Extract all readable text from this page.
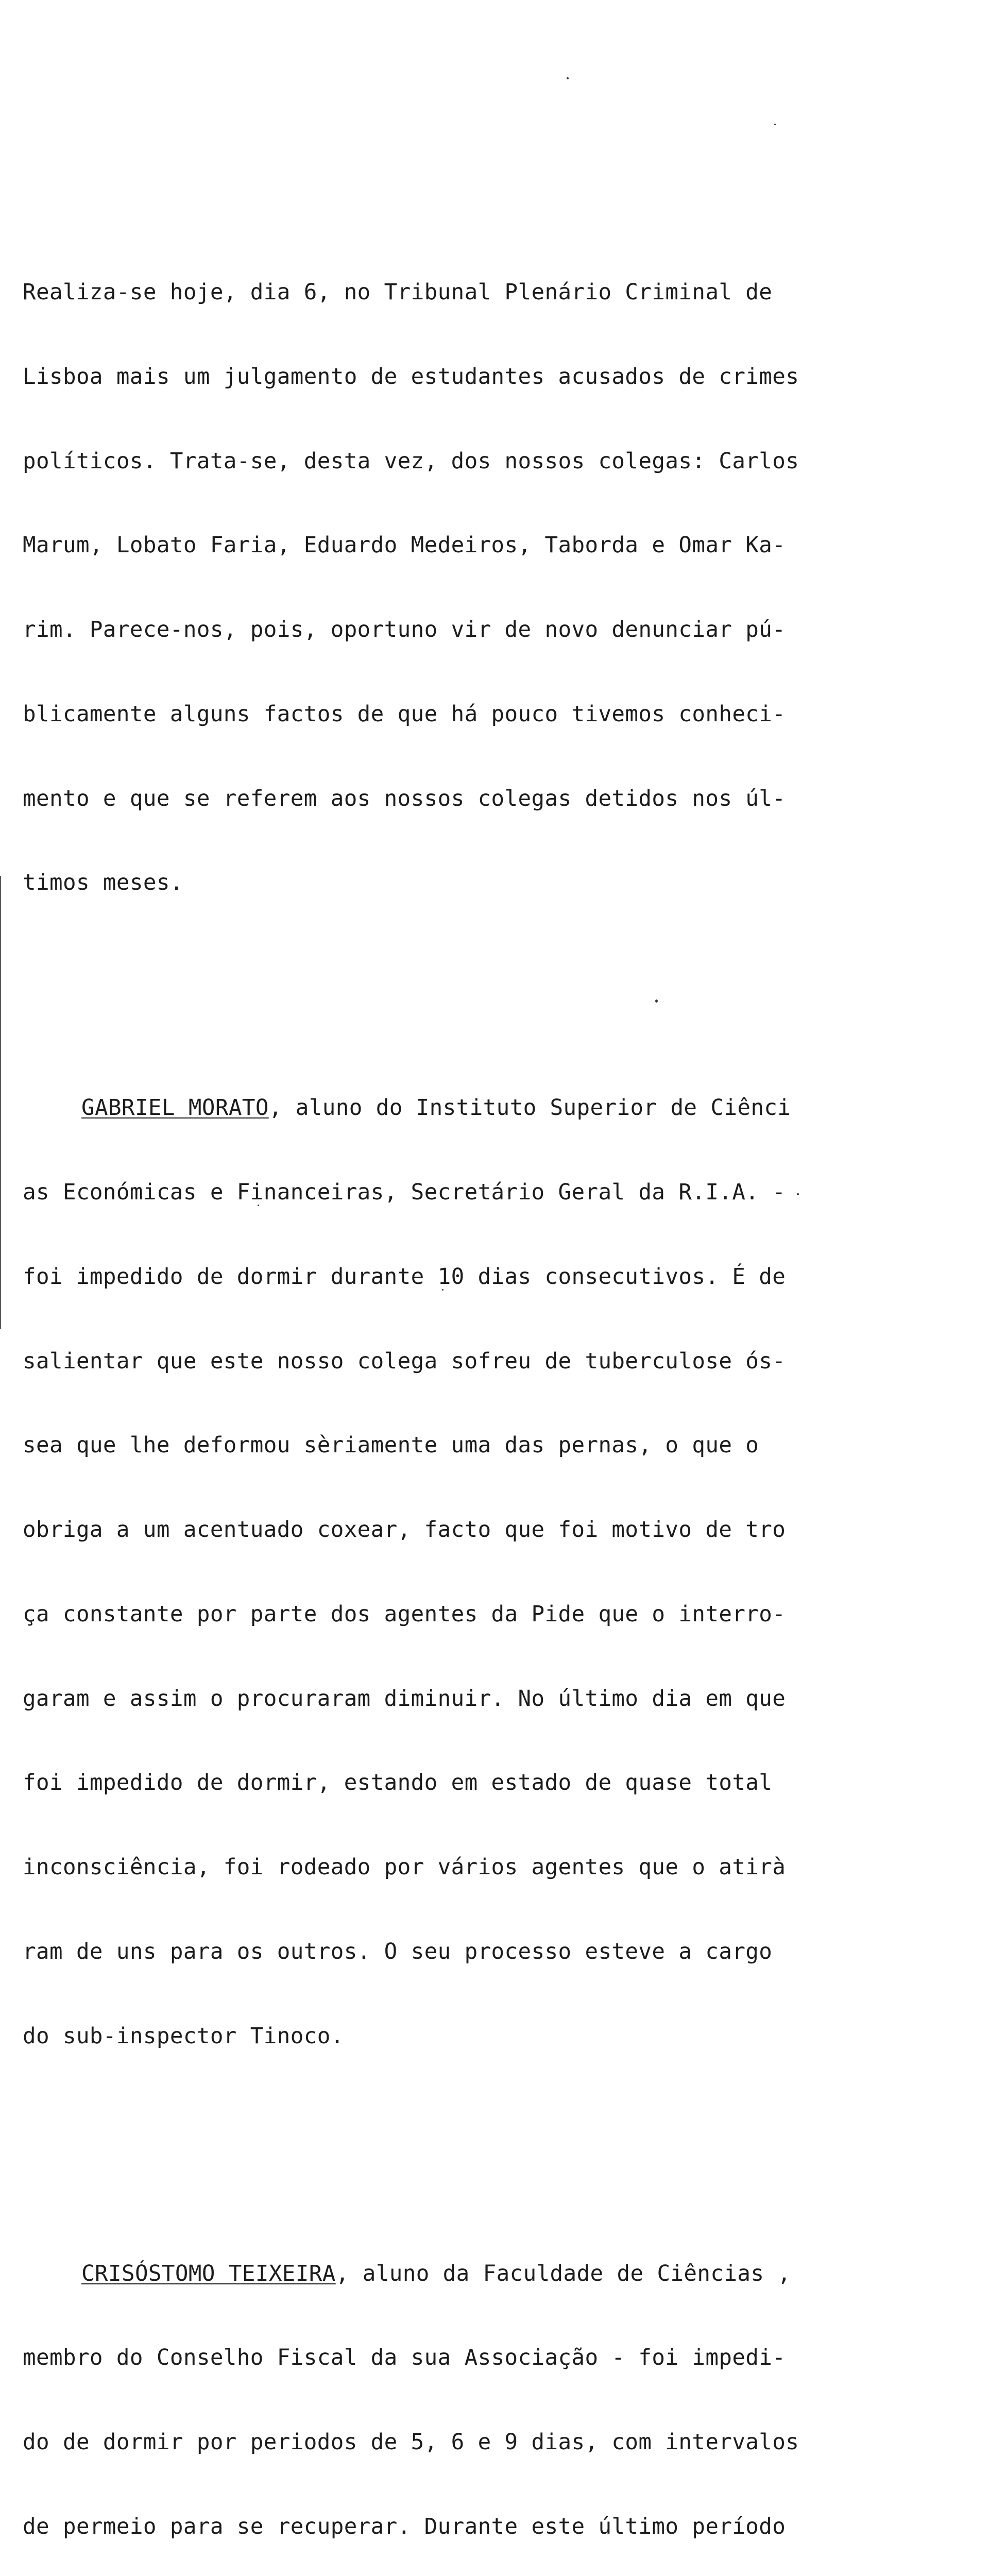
Realiza-se hoje, dia 6, no Tribunal Plenário Criminal de

Lisboa mais um julgamento de estudantes acusados de crimes

políticos. Trata-se, desta vez, dos nossos colegas: Carlos

Marum, Lobato Faria, Eduardo Medeiros, Taborda e Omar Ka-

rim. Parece-nos, pois, oportuno vir de novo denunciar pú-

blicamente alguns factos de que há pouco tivemos conheci-

mento e que se referem aos nossos colegas detidos nos úl-

timos meses.

GABRIEL MORATO, aluno do Instituto Superior de Ciênci

as Económicas e Financeiras, Secretário Geral da R.I.A. -

foi impedido de dormir durante 10 dias consecutivos. É de

salientar que este nosso colega sofreu de tuberculose ós-

sea que lhe deformou sèriamente uma das pernas, o que o

obriga a um acentuado coxear, facto que foi motivo de tro

ça constante por parte dos agentes da Pide que o interro-

garam e assim o procuraram diminuir. No último dia em que

foi impedido de dormir, estando em estado de quase total

inconsciência, foi rodeado por vários agentes que o atirà

ram de uns para os outros. O seu processo esteve a cargo

do sub-inspector Tinoco.

CRISÓSTOMO TEIXEIRA, aluno da Faculdade de Ciências ,

membro do Conselho Fiscal da sua Associação - foi impedi-

do de dormir por periodos de 5, 6 e 9 dias, com intervalos

de permeio para se recuperar. Durante este último período
